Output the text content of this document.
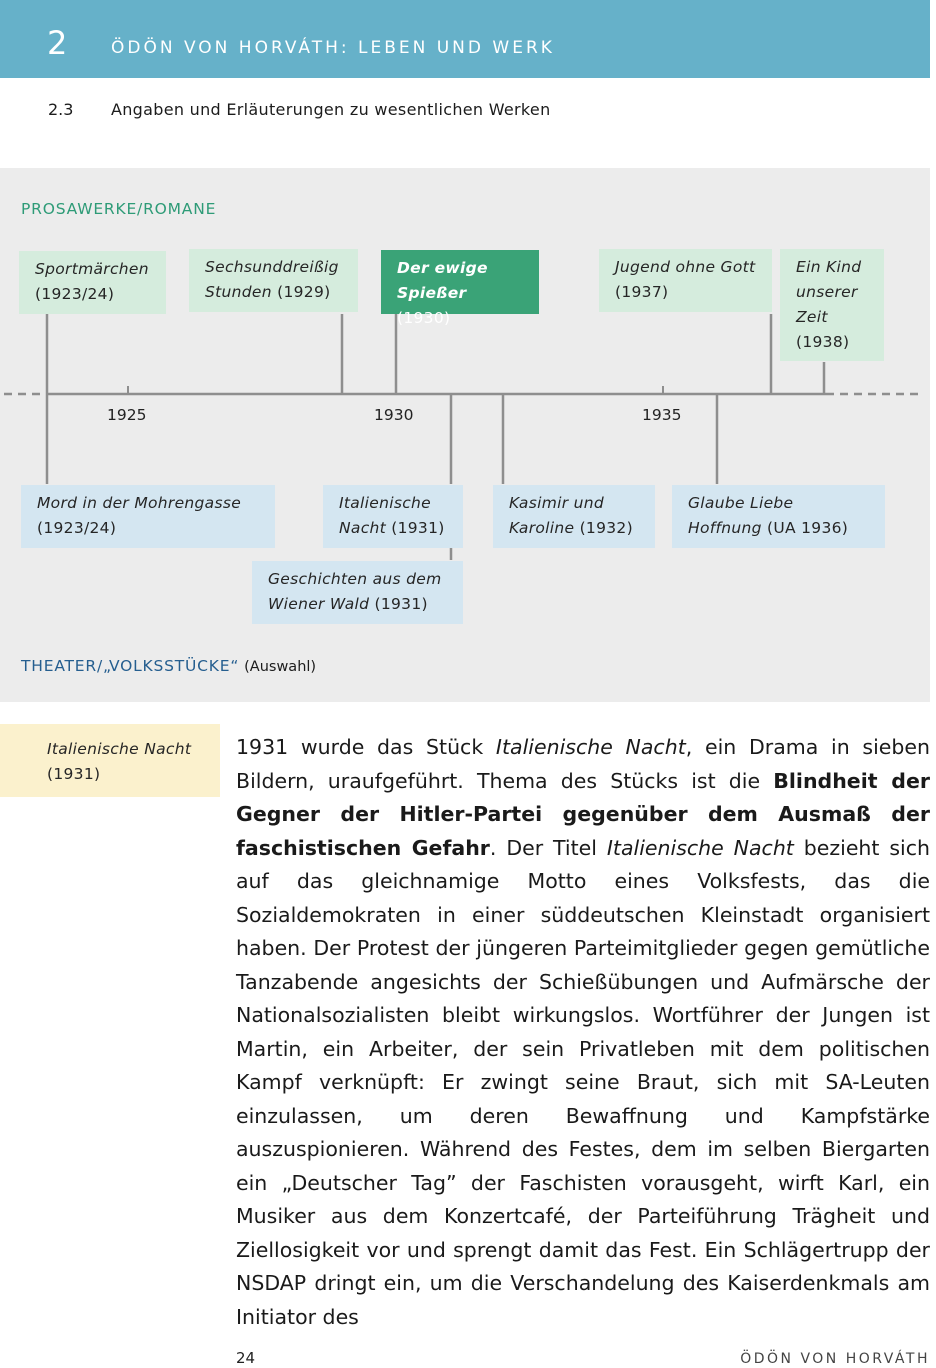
2	ÖDÖN VON HORVÁTH: LEBEN UND WERK
2.3 Angaben und Erläuterungen zu wesentlichen Werken
PROSAWERKE/ROMANE
1925	1930	1935
Sportmärchen
(1923/24)
Sechsunddreißig
Stunden (1929)
Der ewige
Spießer (1930)
Jugend ohne Gott
(1937)
Ein Kind
unserer
Zeit
(1938)
Mord in der Mohrengasse
(1923/24)
Italienische
Nacht (1931)
Kasimir und
Karoline (1932)
Glaube Liebe
Hoffnung (UA 1936)
Geschichten aus dem
Wiener Wald (1931)
THEATER/„VOLKSSTÜCKE“ (Auswahl)
Italienische Nacht
(1931)

1931 wurde das Stück Italienische Nacht, ein Drama in sieben Bildern, uraufgeführt. Thema des Stücks ist die Blindheit der Gegner der Hitler-Partei gegenüber dem Ausmaß der faschistischen Gefahr. Der Titel Italienische Nacht bezieht sich auf das gleichnamige Motto eines Volksfests, das die Sozialdemokraten in einer süddeutschen Kleinstadt organisiert haben. Der Protest der jüngeren Parteimitglieder gegen gemütliche Tanzabende angesichts der Schießübungen und Aufmärsche der Nationalsozialisten bleibt wirkungslos. Wortführer der Jungen ist Martin, ein Arbeiter, der sein Privatleben mit dem politischen Kampf verknüpft: Er zwingt seine Braut, sich mit SA-Leuten einzulassen, um deren Bewaffnung und Kampfstärke auszuspionieren. Während des Festes, dem im selben Biergarten ein „Deutscher Tag” der Faschisten vorausgeht, wirft Karl, ein Musiker aus dem Konzertcafé, der Parteiführung Trägheit und Ziellosigkeit vor und sprengt damit das Fest. Ein Schlägertrupp der NSDAP dringt ein, um die Verschandelung des Kaiserdenkmals am Initiator des

24	ÖDÖN VON HORVÁTH
